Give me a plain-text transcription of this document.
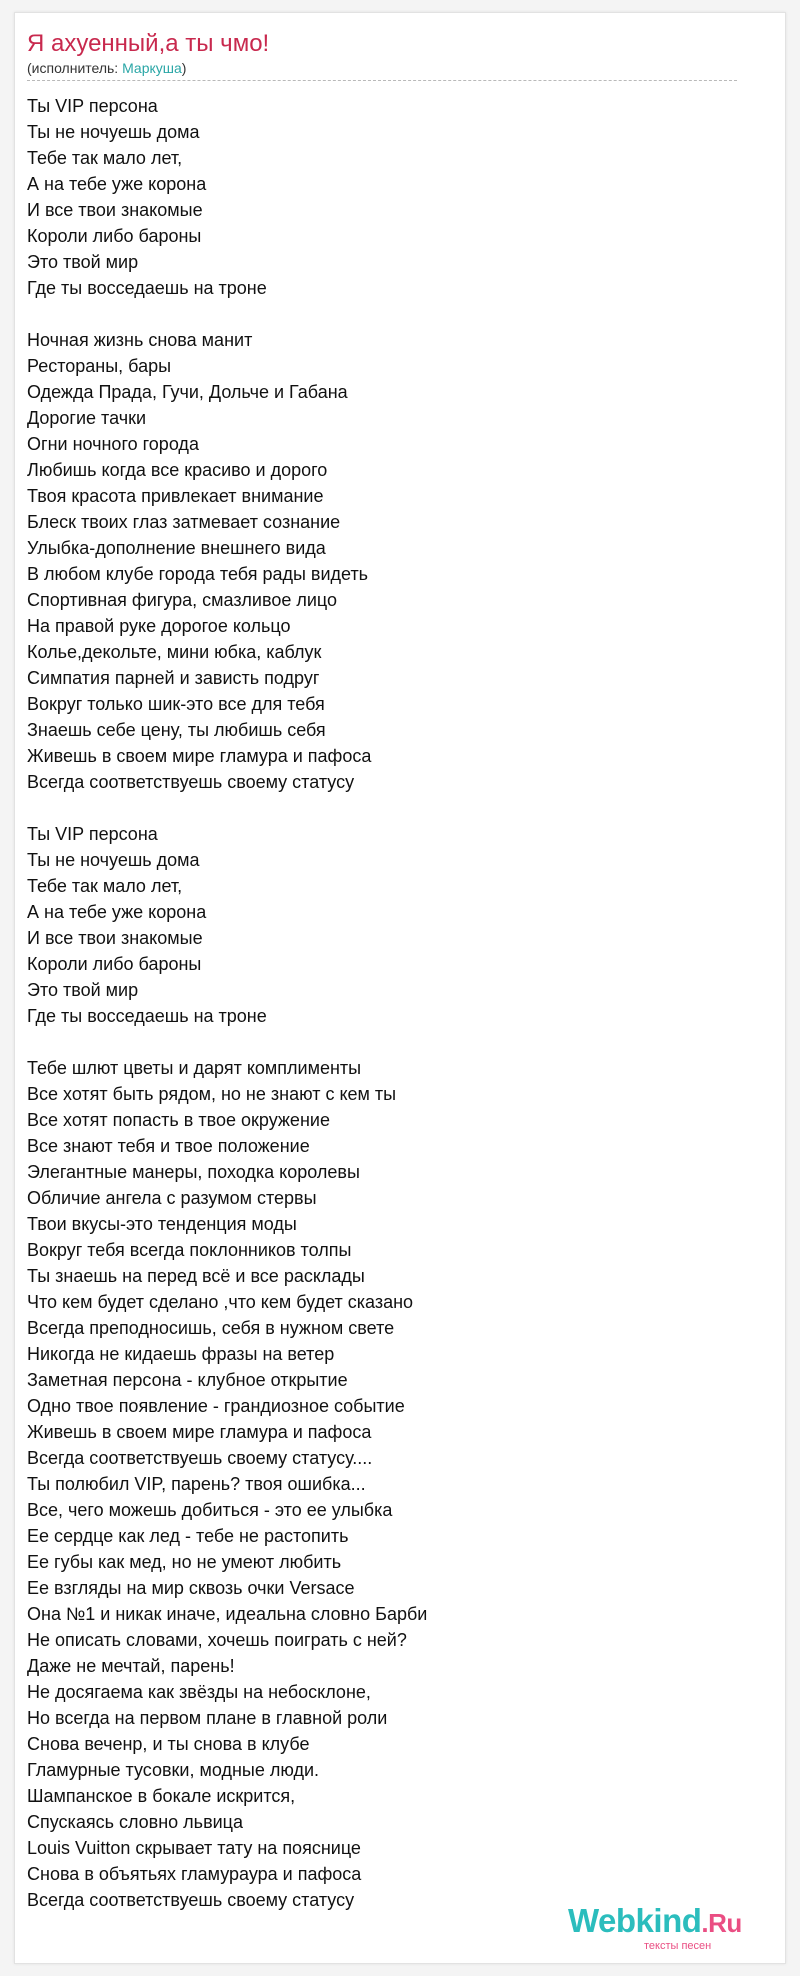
Я ахуенный,а ты чмо!
(исполнитель: Маркуша)
Ты VIP персона
Ты не ночуешь дома
Тебе так мало лет,
А на тебе уже корона
И все твои знакомые
Короли либо бароны
Это твой мир
Где ты восседаешь на троне
Ночная жизнь снова манит
Рестораны, бары
Одежда Прада, Гучи, Дольче и Габана
Дорогие тачки
Огни ночного города
Любишь когда все красиво и дорого
Твоя красота привлекает внимание
Блеск твоих глаз затмевает сознание
Улыбка-дополнение внешнего вида
В любом клубе города тебя рады видеть
Спортивная фигура, смазливое лицо
На правой руке дорогое кольцо
Колье,декольте, мини юбка, каблук
Симпатия парней и зависть подруг
Вокруг только шик-это все для тебя
Знаешь себе цену, ты любишь себя
Живешь в своем мире гламура и пафоса
Всегда соответствуешь своему статусу
Ты VIP персона
Ты не ночуешь дома
Тебе так мало лет,
А на тебе уже корона
И все твои знакомые
Короли либо бароны
Это твой мир
Где ты восседаешь на троне
Тебе шлют цветы и дарят комплименты
Все хотят быть рядом, но не знают с кем ты
Все хотят попасть в твое окружение
Все знают тебя и твое положение
Элегантные манеры, походка королевы
Обличие ангела с разумом стервы
Твои вкусы-это тенденция моды
Вокруг тебя всегда поклонников толпы
Ты знаешь на перед всё и все расклады
Что кем будет сделано ,что кем будет сказано
Всегда преподносишь, себя в нужном свете
Никогда не кидаешь фразы на ветер
Заметная персона - клубное открытие
Одно твое появление - грандиозное событие
Живешь в своем мире гламура и пафоса
Всегда соответствуешь своему статусу....
Ты полюбил VIP, парень? твоя ошибка...
Все, чего можешь добиться - это ее улыбка
Ее сердце как лед - тебе не растопить
Ее губы как мед, но не умеют любить
Ее взгляды на мир сквозь очки Versace
Она №1 и никак иначе, идеальна словно Барби
Не описать словами, хочешь поиграть с ней?
Даже не мечтай, парень!
Не досягаема как звёзды на небосклоне,
Но всегда на первом плане в главной роли
Снова веченр, и ты снова в клубе
Гламурные тусовки, модные люди.
Шампанское в бокале искрится,
Спускаясь словно львица
Louis Vuitton скрывает тату на пояснице
Снова в объятьях гламураура и пафоса
Всегда соответствуешь своему статусу
Webkind.Ru
тексты песен
